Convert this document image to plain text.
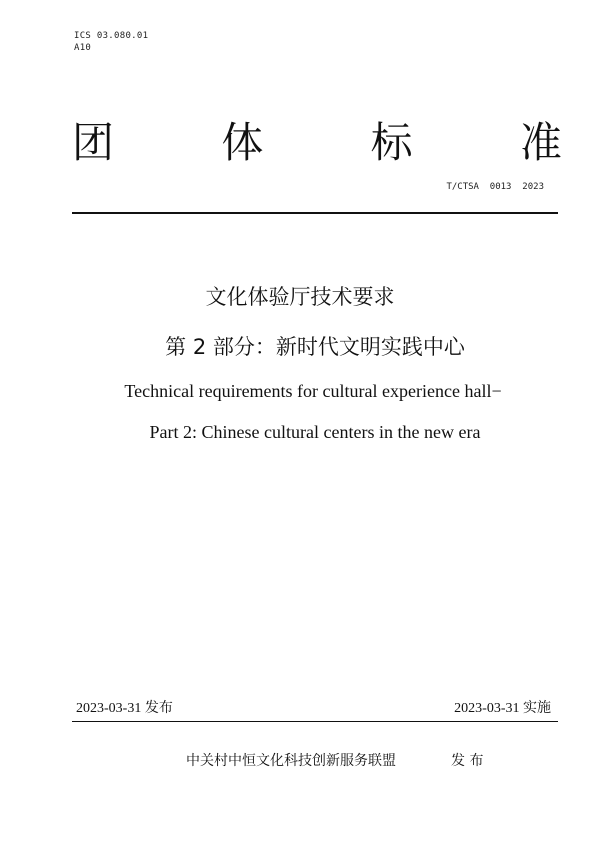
ICS 03.080.01
A10
团	体	标	准
T/CTSA  0013  2023
文化体验厅技术要求
第 2 部分：新时代文明实践中心
Technical requirements for cultural experience hall−
Part 2: Chinese cultural centers in the new era
2023-03-31 发布	2023-03-31 实施
中关村中恒文化科技创新服务联盟	发 布
